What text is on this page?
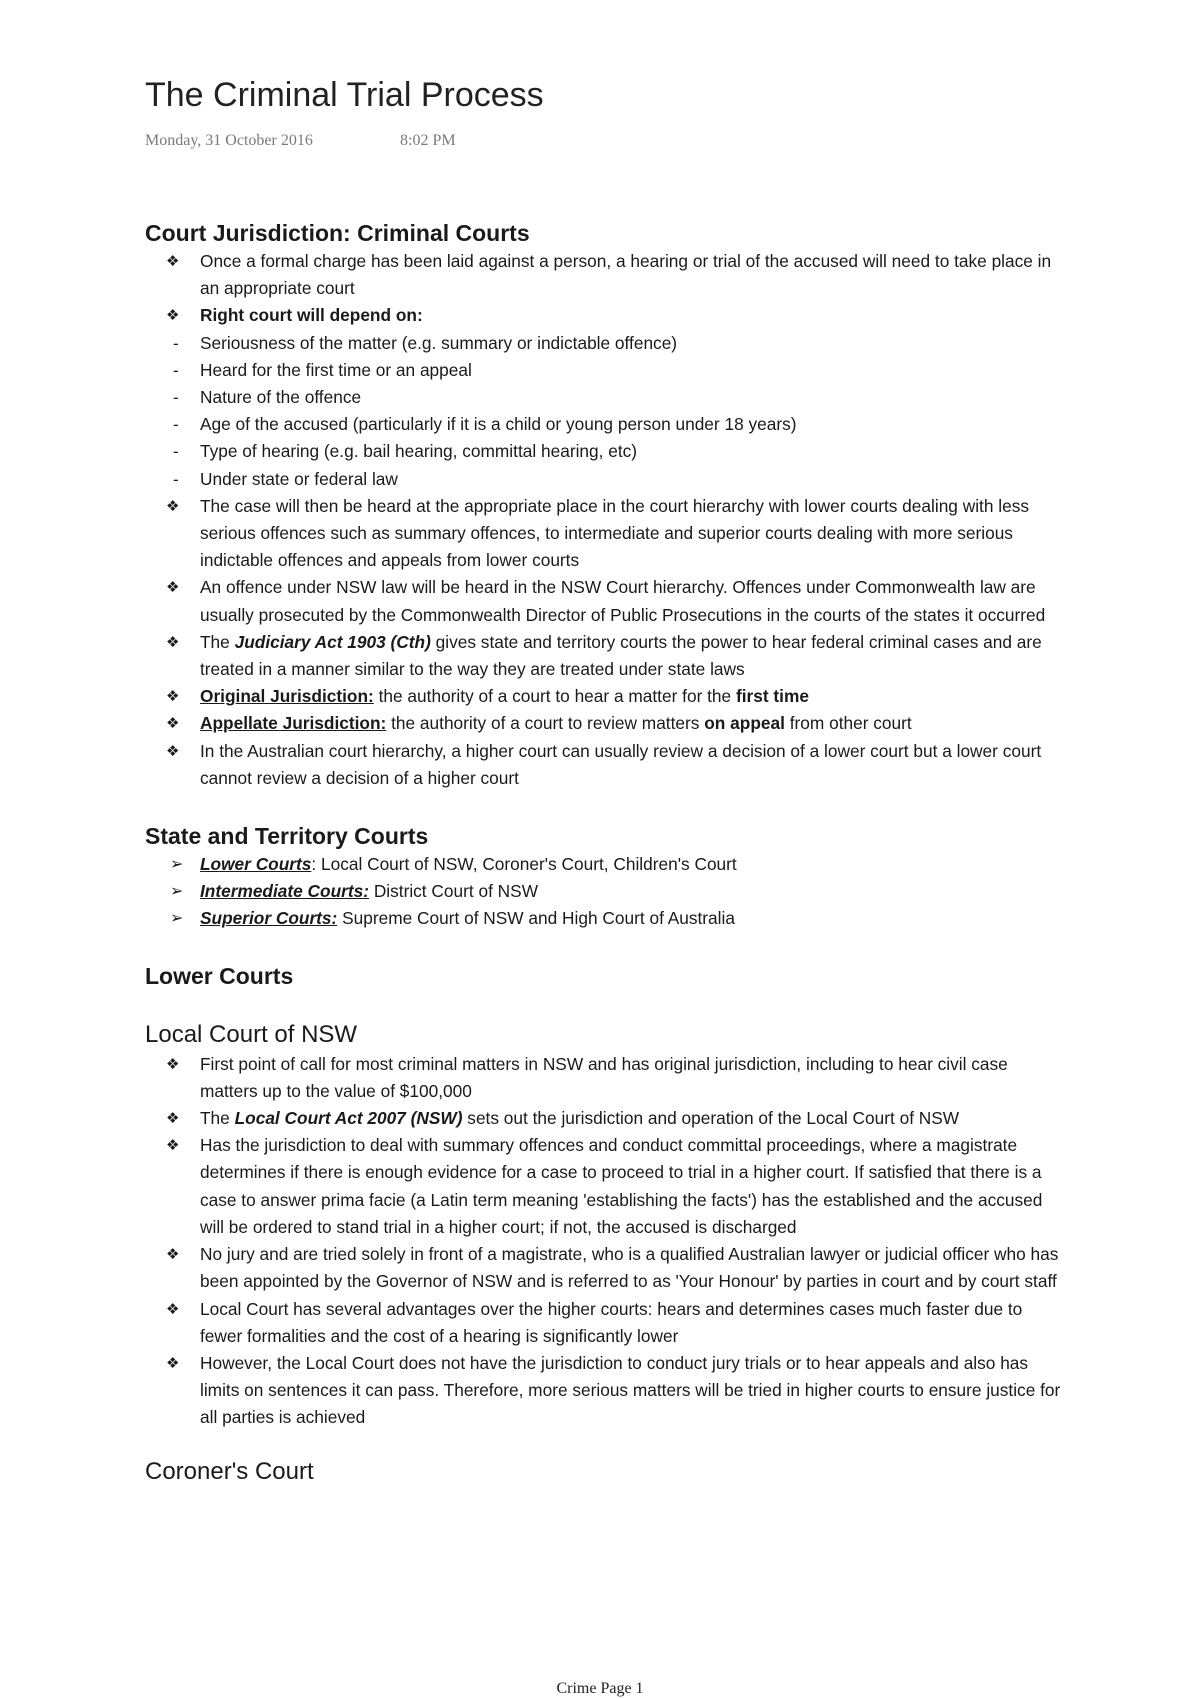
The Criminal Trial Process
Monday, 31 October 2016	8:02 PM
Court Jurisdiction: Criminal Courts
❖ Once a formal charge has been laid against a person, a hearing or trial of the accused will need to take place in an appropriate court
❖ Right court will depend on:
- Seriousness of the matter (e.g. summary or indictable offence)
- Heard for the first time or an appeal
- Nature of the offence
- Age of the accused (particularly if it is a child or young person under 18 years)
- Type of hearing (e.g. bail hearing, committal hearing, etc)
- Under state or federal law
❖ The case will then be heard at the appropriate place in the court hierarchy with lower courts dealing with less serious offences such as summary offences, to intermediate and superior courts dealing with more serious indictable offences and appeals from lower courts
❖ An offence under NSW law will be heard in the NSW Court hierarchy. Offences under Commonwealth law are usually prosecuted by the Commonwealth Director of Public Prosecutions in the courts of the states it occurred
❖ The Judiciary Act 1903 (Cth) gives state and territory courts the power to hear federal criminal cases and are treated in a manner similar to the way they are treated under state laws
❖ Original Jurisdiction: the authority of a court to hear a matter for the first time
❖ Appellate Jurisdiction: the authority of a court to review matters on appeal from other court
❖ In the Australian court hierarchy, a higher court can usually review a decision of a lower court but a lower court cannot review a decision of a higher court
State and Territory Courts
➢ Lower Courts: Local Court of NSW, Coroner's Court, Children's Court
➢ Intermediate Courts: District Court of NSW
➢ Superior Courts: Supreme Court of NSW and High Court of Australia
Lower Courts
Local Court of NSW
❖ First point of call for most criminal matters in NSW and has original jurisdiction, including to hear civil case matters up to the value of $100,000
❖ The Local Court Act 2007 (NSW) sets out the jurisdiction and operation of the Local Court of NSW
❖ Has the jurisdiction to deal with summary offences and conduct committal proceedings, where a magistrate determines if there is enough evidence for a case to proceed to trial in a higher court. If satisfied that there is a case to answer prima facie (a Latin term meaning 'establishing the facts') has the established and the accused will be ordered to stand trial in a higher court; if not, the accused is discharged
❖ No jury and are tried solely in front of a magistrate, who is a qualified Australian lawyer or judicial officer who has been appointed by the Governor of NSW and is referred to as 'Your Honour' by parties in court and by court staff
❖ Local Court has several advantages over the higher courts: hears and determines cases much faster due to fewer formalities and the cost of a hearing is significantly lower
❖ However, the Local Court does not have the jurisdiction to conduct jury trials or to hear appeals and also has limits on sentences it can pass. Therefore, more serious matters will be tried in higher courts to ensure justice for all parties is achieved
Coroner's Court
Crime Page 1
